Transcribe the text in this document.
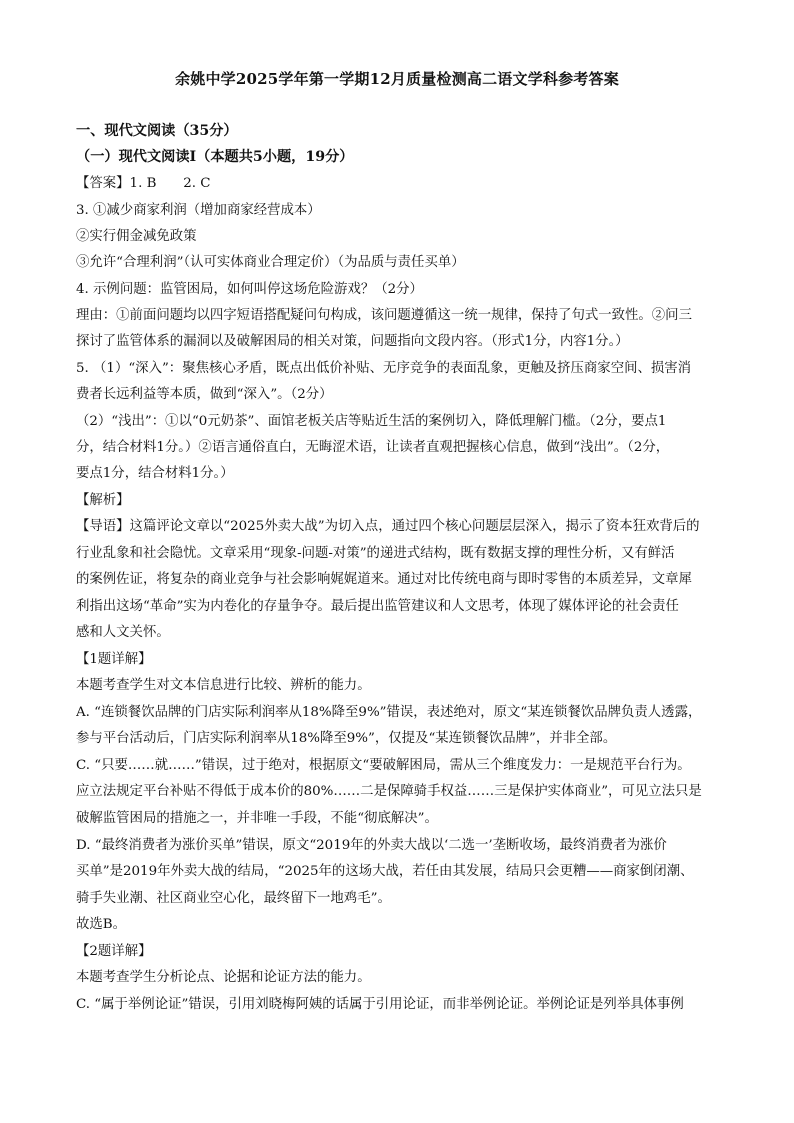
余姚中学2025学年第一学期12月质量检测高二语文学科参考答案
一、现代文阅读（35分）
（一）现代文阅读Ⅰ（本题共5小题，19分）
【答案】1. B　　2. C
3. ①减少商家利润（增加商家经营成本）
②实行佣金减免政策
③允许“合理利润”（认可实体商业合理定价）（为品质与责任买单）
4. 示例问题：监管困局，如何叫停这场危险游戏？（2分）
理由：①前面问题均以四字短语搭配疑问句构成，该问题遵循这一统一规律，保持了句式一致性。②问三
探讨了监管体系的漏洞以及破解困局的相关对策，问题指向文段内容。（形式1分，内容1分。）
5. （1）“深入”：聚焦核心矛盾，既点出低价补贴、无序竞争的表面乱象，更触及挤压商家空间、损害消
费者长远利益等本质，做到“深入”。（2分）
（2）“浅出”：①以“0元奶茶”、面馆老板关店等贴近生活的案例切入，降低理解门槛。（2分，要点1
分，结合材料1分。）②语言通俗直白，无晦涩术语，让读者直观把握核心信息，做到“浅出”。（2分，
要点1分，结合材料1分。）
【解析】
【导语】这篇评论文章以“2025外卖大战”为切入点，通过四个核心问题层层深入，揭示了资本狂欢背后的
行业乱象和社会隐忧。文章采用“现象-问题-对策”的递进式结构，既有数据支撑的理性分析，又有鲜活
的案例佐证，将复杂的商业竞争与社会影响娓娓道来。通过对比传统电商与即时零售的本质差异，文章犀
利指出这场“革命”实为内卷化的存量争夺。最后提出监管建议和人文思考，体现了媒体评论的社会责任
感和人文关怀。
【1题详解】
本题考查学生对文本信息进行比较、辨析的能力。
A. “连锁餐饮品牌的门店实际利润率从18%降至9%”错误，表述绝对，原文“某连锁餐饮品牌负责人透露，
参与平台活动后，门店实际利润率从18%降至9%”，仅提及“某连锁餐饮品牌”，并非全部。
C. “只要……就……”错误，过于绝对，根据原文“要破解困局，需从三个维度发力：一是规范平台行为。
应立法规定平台补贴不得低于成本价的80%……二是保障骑手权益……三是保护实体商业”，可见立法只是
破解监管困局的措施之一，并非唯一手段，不能“彻底解决”。
D. “最终消费者为涨价买单”错误，原文“2019年的外卖大战以‘二选一’垄断收场，最终消费者为涨价
买单”是2019年外卖大战的结局，“2025年的这场大战，若任由其发展，结局只会更糟——商家倒闭潮、
骑手失业潮、社区商业空心化，最终留下一地鸡毛”。
故选B。
【2题详解】
本题考查学生分析论点、论据和论证方法的能力。
C. “属于举例论证”错误，引用刘晓梅阿姨的话属于引用论证，而非举例论证。举例论证是列举具体事例
